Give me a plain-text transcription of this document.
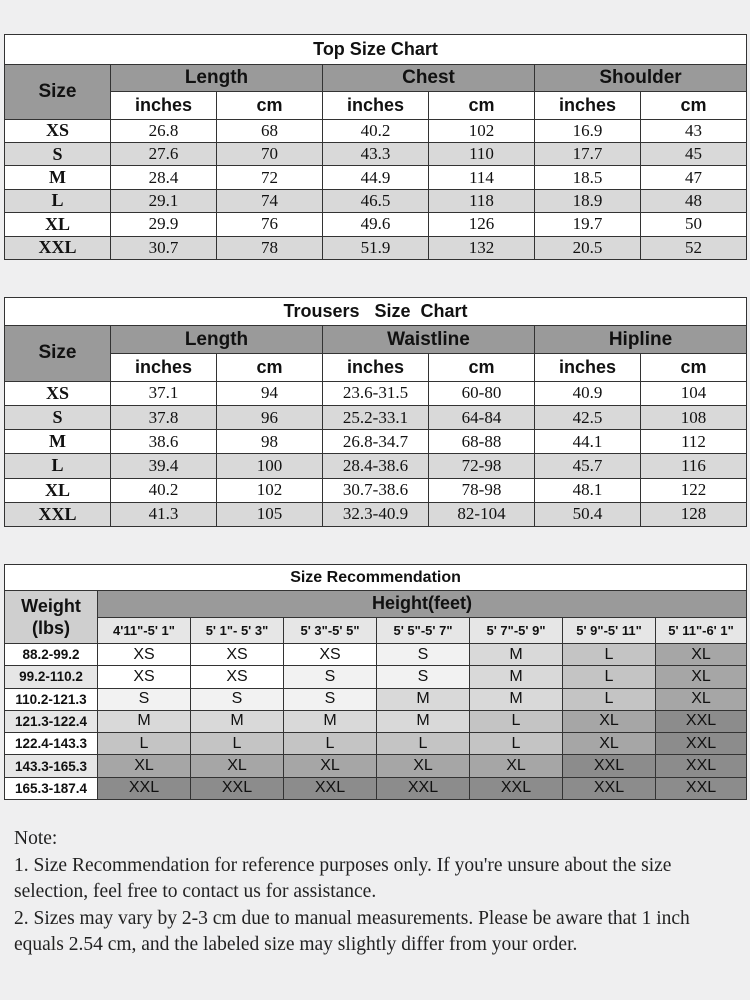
Top Size Chart						
Size	Length		Chest		Shoulder	
	inches	cm	inches	cm	inches	cm
XS	26.8	68	40.2	102	16.9	43
S	27.6	70	43.3	110	17.7	45
M	28.4	72	44.9	114	18.5	47
L	29.1	74	46.5	118	18.9	48
XL	29.9	76	49.6	126	19.7	50
XXL	30.7	78	51.9	132	20.5	52
Trousers   Size  Chart						
Size	Length		Waistline		Hipline	
	inches	cm	inches	cm	inches	cm
XS	37.1	94	23.6-31.5	60-80	40.9	104
S	37.8	96	25.2-33.1	64-84	42.5	108
M	38.6	98	26.8-34.7	68-88	44.1	112
L	39.4	100	28.4-38.6	72-98	45.7	116
XL	40.2	102	30.7-38.6	78-98	48.1	122
XXL	41.3	105	32.3-40.9	82-104	50.4	128
Size Recommendation							

Weight
(lbs)	Height(feet)						
	4'11"-5' 1"	5' 1"- 5' 3"	5' 3"-5' 5"	5' 5"-5' 7"	5' 7"-5' 9"	5' 9"-5' 11"	5' 11"-6' 1"
88.2-99.2	XS	XS	XS	S	M	L	XL
99.2-110.2	XS	XS	S	S	M	L	XL
110.2-121.3	S	S	S	M	M	L	XL
121.3-122.4	M	M	M	M	L	XL	XXL
122.4-143.3	L	L	L	L	L	XL	XXL
143.3-165.3	XL	XL	XL	XL	XL	XXL	XXL
165.3-187.4	XXL	XXL	XXL	XXL	XXL	XXL	XXL

Note:

1. Size Recommendation for reference purposes only. If you're unsure about the size selection, feel free to contact us for assistance.

2. Sizes may vary by 2-3 cm due to manual measurements. Please be aware that 1 inch equals 2.54 cm, and the labeled size may slightly differ from your order.
